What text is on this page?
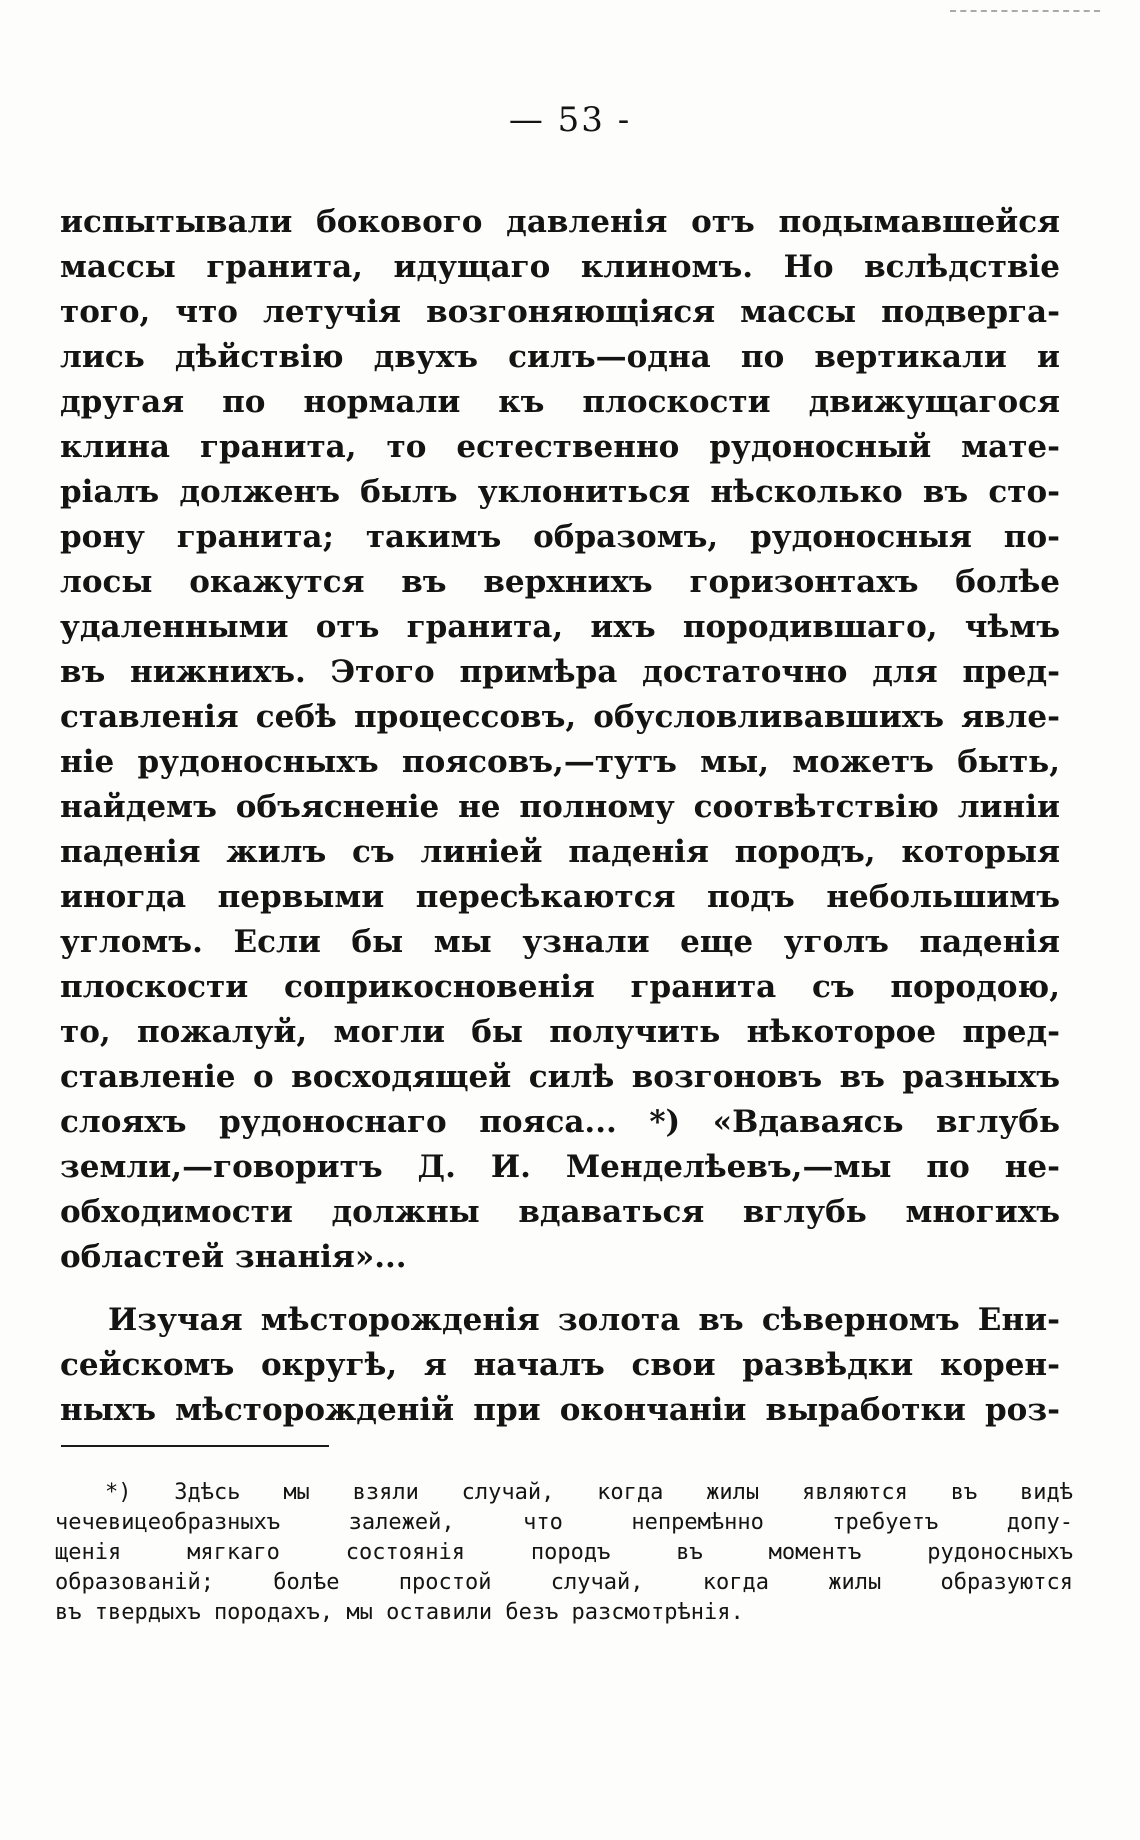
— 53 -
испытывали бокового давленія отъ подымавшейся
массы гранита, идущаго клиномъ. Но вслѣдствіе
того, что летучія возгоняющіяся массы подверга-
лись дѣйствію двухъ силъ—одна по вертикали и
другая по нормали къ плоскости движущагося
клина гранита, то естественно рудоносный мате-
ріалъ долженъ былъ уклониться нѣсколько въ сто-
рону гранита; такимъ образомъ, рудоносныя по-
лосы окажутся въ верхнихъ горизонтахъ болѣе
удаленными отъ гранита, ихъ породившаго, чѣмъ
въ нижнихъ. Этого примѣра достаточно для пред-
ставленія себѣ процессовъ, обусловливавшихъ явле-
ніе рудоносныхъ поясовъ,—тутъ мы, можетъ быть,
найдемъ объясненіе не полному соотвѣтствію линіи
паденія жилъ съ линіей паденія породъ, которыя
иногда первыми пересѣкаются подъ небольшимъ
угломъ. Если бы мы узнали еще уголъ паденія
плоскости соприкосновенія гранита съ породою,
то, пожалуй, могли бы получить нѣкоторое пред-
ставленіе о восходящей силѣ возгоновъ въ разныхъ
слояхъ рудоноснаго пояса... *) «Вдаваясь вглубь
земли,—говоритъ Д. И. Менделѣевъ,—мы по не-
обходимости должны вдаваться вглубь многихъ
областей знанія»...
Изучая мѣсторожденія золота въ сѣверномъ Ени-
сейскомъ округѣ, я началъ свои развѣдки корен-
ныхъ мѣсторожденій при окончаніи выработки роз-
*) Здѣсь мы взяли случай, когда жилы являются въ видѣ
чечевицеобразныхъ залежей, что непремѣнно требуетъ допу-
щенія мягкаго состоянія породъ въ моментъ рудоносныхъ
образованій; болѣе простой случай, когда жилы образуются
въ твердыхъ породахъ, мы оставили безъ разсмотрѣнія.
